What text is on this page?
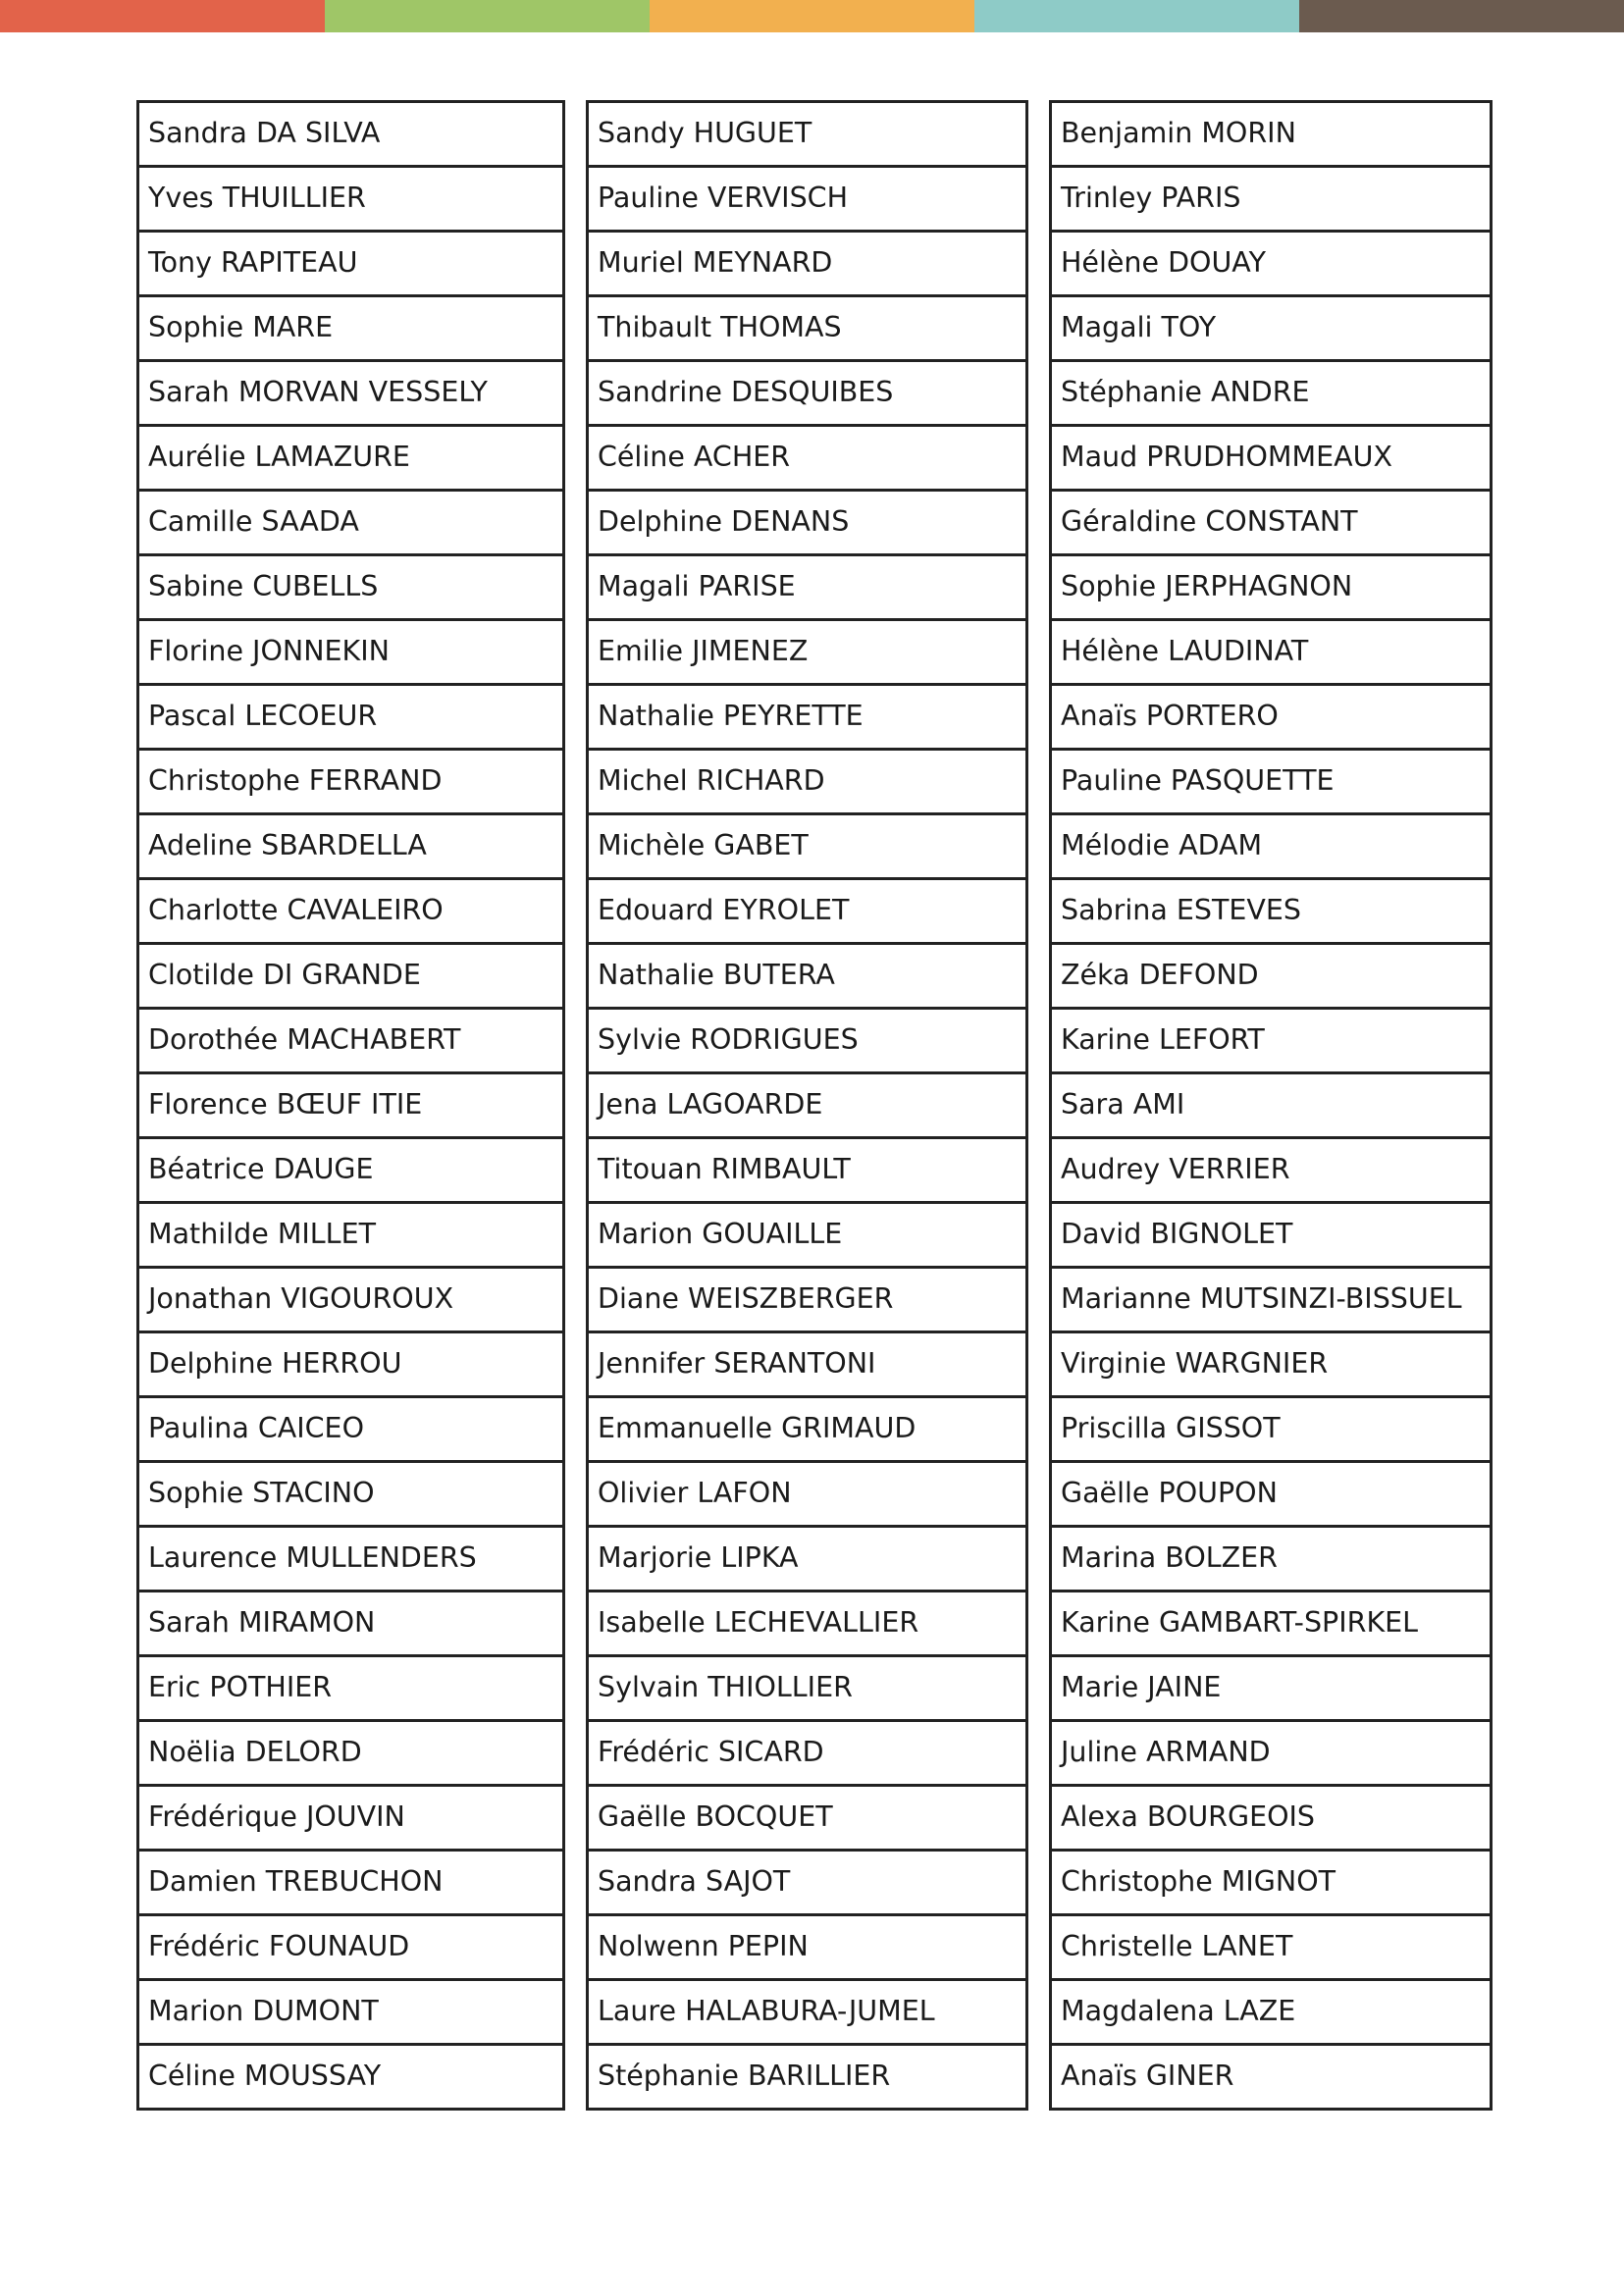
Sandra DA SILVA
Yves THUILLIER
Tony RAPITEAU
Sophie MARE
Sarah MORVAN VESSELY
Aurélie LAMAZURE
Camille SAADA
Sabine CUBELLS
Florine JONNEKIN
Pascal LECOEUR
Christophe FERRAND
Adeline SBARDELLA
Charlotte CAVALEIRO
Clotilde DI GRANDE
Dorothée MACHABERT
Florence BŒUF ITIE
Béatrice DAUGE
Mathilde MILLET
Jonathan VIGOUROUX
Delphine HERROU
Paulina CAICEO
Sophie STACINO
Laurence MULLENDERS
Sarah MIRAMON
Eric POTHIER
Noëlia DELORD
Frédérique JOUVIN
Damien TREBUCHON
Frédéric FOUNAUD
Marion DUMONT
Céline MOUSSAY
Sandy HUGUET
Pauline VERVISCH
Muriel MEYNARD
Thibault THOMAS
Sandrine DESQUIBES
Céline ACHER
Delphine DENANS
Magali PARISE
Emilie JIMENEZ
Nathalie PEYRETTE
Michel RICHARD
Michèle GABET
Edouard EYROLET
Nathalie BUTERA
Sylvie RODRIGUES
Jena LAGOARDE
Titouan RIMBAULT
Marion GOUAILLE
Diane WEISZBERGER
Jennifer SERANTONI
Emmanuelle GRIMAUD
Olivier LAFON
Marjorie LIPKA
Isabelle LECHEVALLIER
Sylvain THIOLLIER
Frédéric SICARD
Gaëlle BOCQUET
Sandra SAJOT
Nolwenn PEPIN
Laure HALABURA-JUMEL
Stéphanie BARILLIER
Benjamin MORIN
Trinley PARIS
Hélène DOUAY
Magali TOY
Stéphanie ANDRE
Maud PRUDHOMMEAUX
Géraldine CONSTANT
Sophie JERPHAGNON
Hélène LAUDINAT
Anaïs PORTERO
Pauline PASQUETTE
Mélodie ADAM
Sabrina ESTEVES
Zéka DEFOND
Karine LEFORT
Sara AMI
Audrey VERRIER
David BIGNOLET
Marianne MUTSINZI-BISSUEL
Virginie WARGNIER
Priscilla GISSOT
Gaëlle POUPON
Marina BOLZER
Karine GAMBART-SPIRKEL
Marie JAINE
Juline ARMAND
Alexa BOURGEOIS
Christophe MIGNOT
Christelle LANET
Magdalena LAZE
Anaïs GINER
